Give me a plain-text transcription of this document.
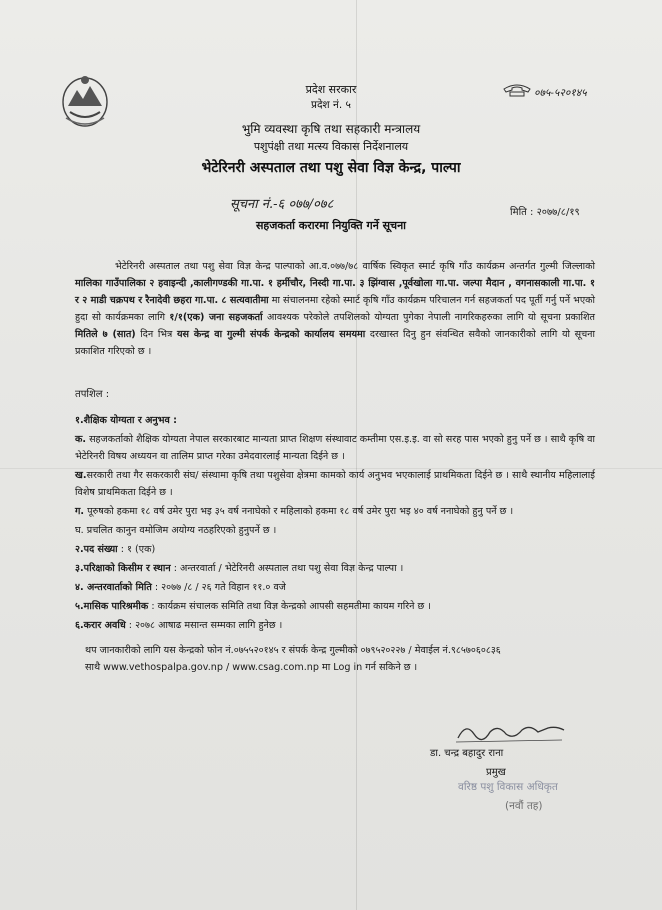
प्रदेश सरकार
प्रदेश नं. ५
भुमि व्यवस्था कृषि तथा सहकारी मन्त्रालय
पशुपंक्षी तथा मत्स्य विकास निर्देशनालय
भेटेरिनरी अस्पताल तथा पशु सेवा विज्ञ केन्द्र, पाल्पा
०७५-५२०१४५
सूचना नं.-६ ०७७/०७८
मिति : २०७७/८/१९
सहजकर्ता करारमा नियुक्ति गर्ने सूचना
भेटेरिनरी अस्पताल तथा पशु सेवा विज्ञ केन्द्र पाल्पाको आ.व.०७७/७८ वार्षिक स्विकृत स्मार्ट कृषि गाँउ कार्यक्रम अन्तर्गत गुल्मी जिल्लाको मालिका गाउँपालिका २ हवाइन्दी ,कालीगण्डकी गा.पा. १ हर्मीचौर, निस्दी गा.पा. ३ झिंग्वास ,पूर्वखोला गा.पा. जल्पा मैदान , वगनासकाली गा.पा. १ र २ माडी चक्रपथ र रैनादेवी छहरा गा.पा. ८ सत्यवातीमा मा संचालनमा रहेको स्मार्ट कृषि गाँउ कार्यक्रम परिचालन गर्न सहजकर्ता पद पूर्ती गर्नु पर्ने भएको हुदा सो कार्यक्रमका लागि १/१(एक) जना सहजकर्ता आवश्यक परेकोले तपशिलको योग्यता पुगेका नेपाली नागरिकहरुका लागि यो सूचना प्रकाशित मितिले ७ (सात) दिन भित्र यस केन्द्र वा गुल्मी संपर्क केन्द्रको कार्यालय समयमा दरखास्त दिनु हुन संवन्धित सवैको जानकारीको लागि यो सूचना प्रकाशित गरिएको छ ।
तपशिल :

१.शैक्षिक योग्यता र अनुभव :

क. सहजकर्ताको शैक्षिक योग्यता नेपाल सरकारबाट मान्यता प्राप्त शिक्षण संस्थावाट कम्तीमा एस.इ.इ. वा सो सरह पास भएको हुनु पर्ने छ । साथै कृषि वा भेटेरिनरी विषय अध्ययन वा तालिम प्राप्त गरेका उमेदवारलाई मान्यता दिईने छ ।

ख.सरकारी तथा गैर सकरकारी संघ/ संस्थामा कृषि तथा पशुसेवा क्षेत्रमा कामको कार्य अनुभव भएकालाई प्राथमिकता दिईने छ । साथै स्थानीय महिलालाई विशेष प्राथमिकता दिईने छ ।

ग. पूरुषको हकमा १८ वर्ष उमेर पुरा भइ ३५ वर्ष ननाघेको र महिलाको हकमा १८ वर्ष उमेर पुरा भइ ४० वर्ष ननाघेको हुनु पर्ने छ ।

घ. प्रचलित कानुन वमोजिम अयोग्य नठहरिएको हुनुपर्ने छ ।

२.पद संख्या : १ (एक)

३.परिक्षाको किसीम र स्थान : अन्तरवार्ता / भेटेरिनरी अस्पताल तथा पशु सेवा विज्ञ केन्द्र पाल्पा ।

४. अन्तरवार्ताको मिति : २०७७ /८ / २६ गते विहान ११.० वजे

५.मासिक पारिश्रमीक : कार्यक्रम संचालक समिति तथा विज्ञ केन्द्रको आपसी सहमतीमा कायम गरिने छ ।

६.करार अवधि : २०७८ आषाढ मसान्त सम्मका लागि हुनेछ ।

थप जानकारीको लागि यस केन्द्रको फोन नं.०७५५२०१४५ र संपर्क केन्द्र गुल्मीको ०७९५२०२२७ / मेवाईल नं.९८५७०६०८३६

साथै www.vethospalpa.gov.np / www.csag.com.np मा Log in गर्न सकिने छ ।

डा. चन्द्र बहादुर राना
प्रमुख
वरिष्ठ पशु विकास अधिकृत
(नवौं तह)
